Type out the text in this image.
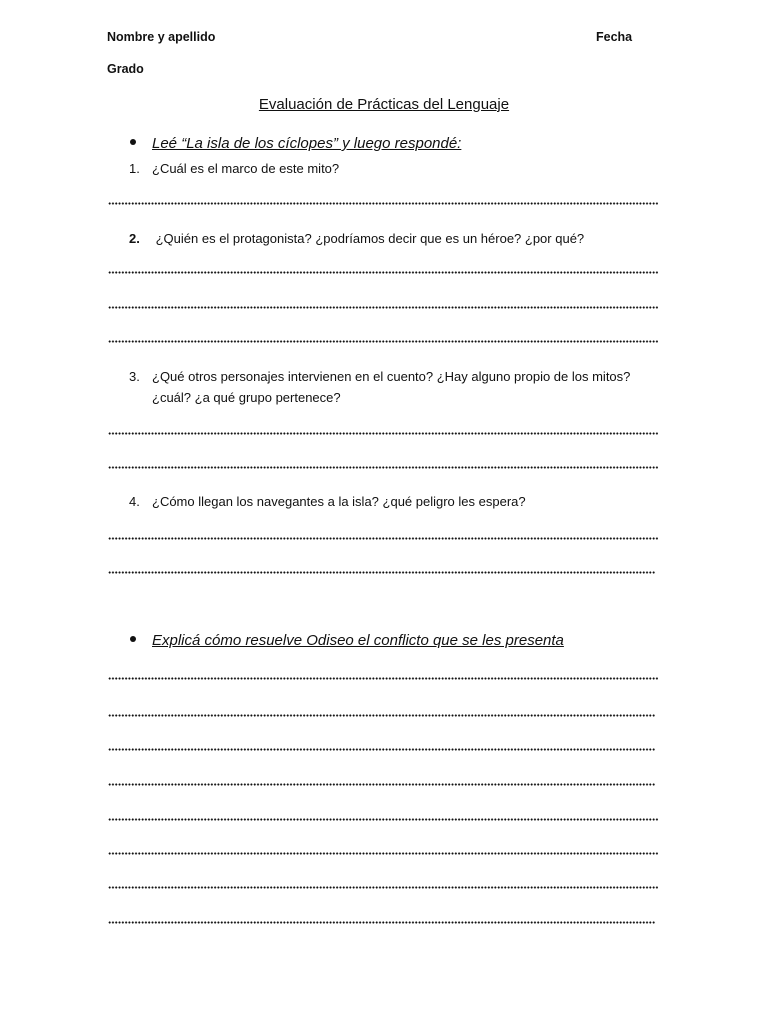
Nombre y apellido	Fecha
Grado
Evaluación de Prácticas del Lenguaje
Leé “La isla de los cíclopes” y luego respondé:
1. ¿Cuál es el marco de este mito?
2. ¿Quién es el protagonista? ¿podríamos decir que es un héroe? ¿por qué?
3. ¿Qué otros personajes intervienen en el cuento? ¿Hay alguno propio de los mitos?
¿cuál? ¿a qué grupo pertenece?
4. ¿Cómo llegan los navegantes a la isla? ¿qué peligro les espera?
Explicá cómo resuelve Odiseo el conflicto que se les presenta
